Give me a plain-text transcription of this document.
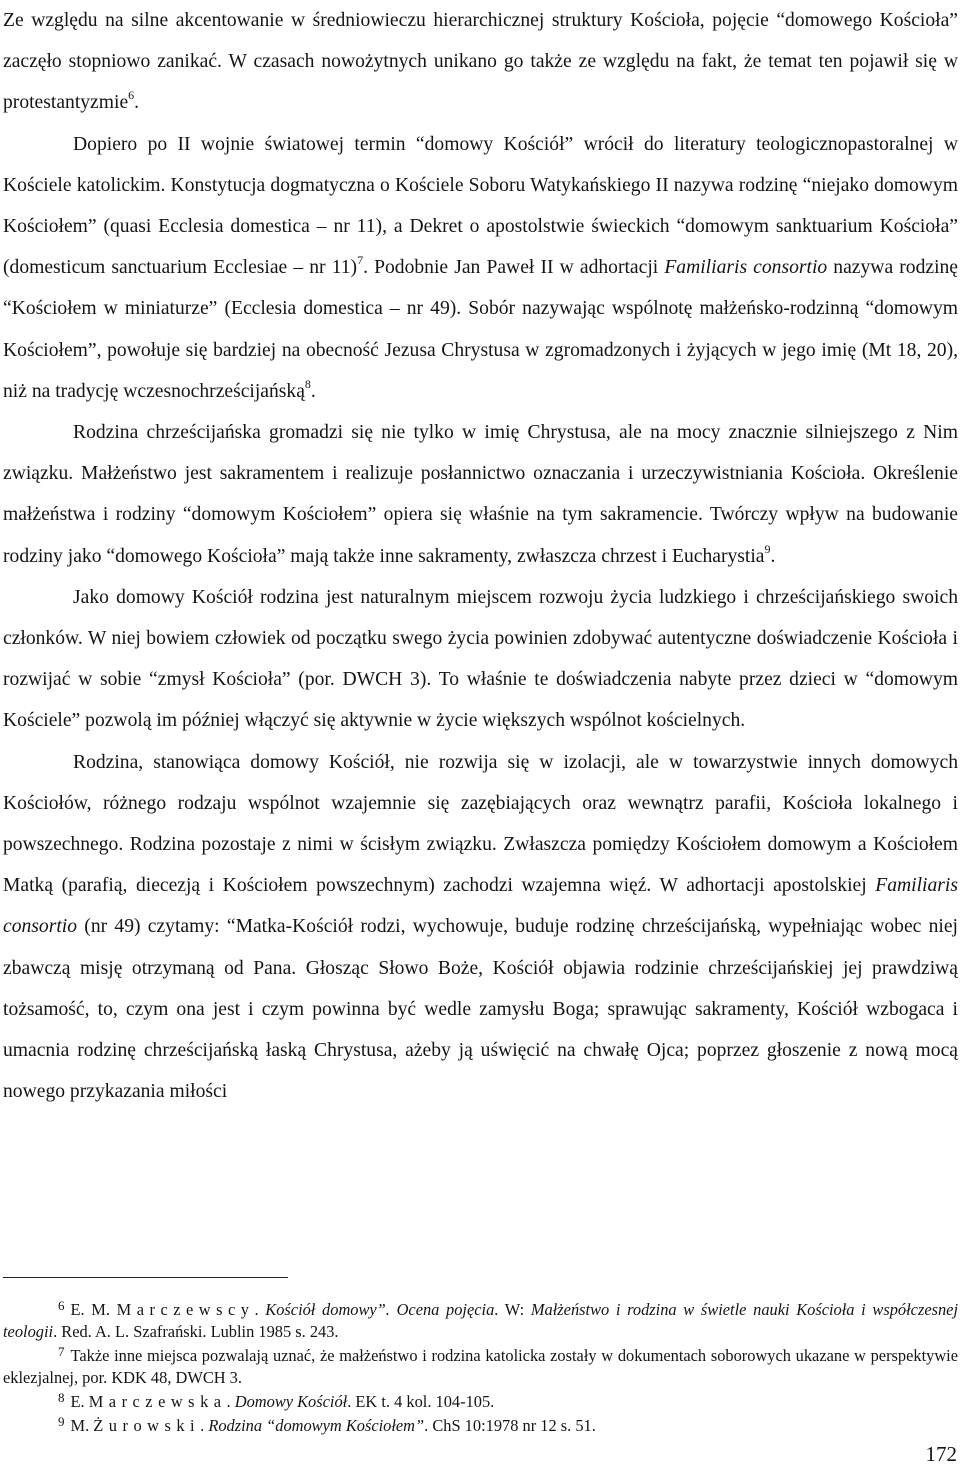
Ze względu na silne akcentowanie w średniowieczu hierarchicznej struktury Kościoła, pojęcie “domowego Kościoła” zaczęło stopniowo zanikać. W czasach nowożytnych unikano go także ze względu na fakt, że temat ten pojawił się w protestantyzmie$^6$.

Dopiero po II wojnie światowej termin “domowy Kościół” wrócił do literatury teologicznopastoralnej w Kościele katolickim. Konstytucja dogmatyczna o Kościele Soboru Watykańskiego II nazywa rodzinę “niejako domowym Kościołem” (quasi Ecclesia domestica – nr 11), a Dekret o apostolstwie świeckich “domowym sanktuarium Kościoła” (domesticum sanctuarium Ecclesiae – nr 11)$^7$. Podobnie Jan Paweł II w adhortacji Familiaris consortio nazywa rodzinę “Kościołem w miniaturze” (Ecclesia domestica – nr 49). Sobór nazywając wspólnotę małżeńsko-rodzinną “domowym Kościołem”, powołuje się bardziej na obecność Jezusa Chrystusa w zgromadzonych i żyjących w jego imię (Mt 18, 20), niż na tradycję wczesnochrześcijańską$^8$.

Rodzina chrześcijańska gromadzi się nie tylko w imię Chrystusa, ale na mocy znacznie silniejszego z Nim związku. Małżeństwo jest sakramentem i realizuje posłannictwo oznaczania i urzeczywistniania Kościoła. Określenie małżeństwa i rodziny “domowym Kościołem” opiera się właśnie na tym sakramencie. Twórczy wpływ na budowanie rodziny jako “domowego Kościoła” mają także inne sakramenty, zwłaszcza chrzest i Eucharystia$^9$.

Jako domowy Kościół rodzina jest naturalnym miejscem rozwoju życia ludzkiego i chrześcijańskiego swoich członków. W niej bowiem człowiek od początku swego życia powinien zdobywać autentyczne doświadczenie Kościoła i rozwijać w sobie “zmysł Kościoła” (por. DWCH 3). To właśnie te doświadczenia nabyte przez dzieci w “domowym Kościele” pozwolą im później włączyć się aktywnie w życie większych wspólnot kościelnych.

Rodzina, stanowiąca domowy Kościół, nie rozwija się w izolacji, ale w towarzystwie innych domowych Kościołów, różnego rodzaju wspólnot wzajemnie się zazębiających oraz wewnątrz parafii, Kościoła lokalnego i powszechnego. Rodzina pozostaje z nimi w ścisłym związku. Zwłaszcza pomiędzy Kościołem domowym a Kościołem Matką (parafią, diecezją i Kościołem powszechnym) zachodzi wzajemna więź. W adhortacji apostolskiej Familiaris consortio (nr 49) czytamy: “Matka-Kościół rodzi, wychowuje, buduje rodzinę chrześcijańską, wypełniając wobec niej zbawczą misję otrzymaną od Pana. Głosząc Słowo Boże, Kościół objawia rodzinie chrześcijańskiej jej prawdziwą tożsamość, to, czym ona jest i czym powinna być wedle zamysłu Boga; sprawując sakramenty, Kościół wzbogaca i umacnia rodzinę chrześcijańską łaską Chrystusa, ażeby ją uświęcić na chwałę Ojca; poprzez głoszenie z nową mocą nowego przykazania miłości

$^6$ E. M. Marczewscy. Kościół domowy”. Ocena pojęcia. W: Małżeństwo i rodzina w świetle nauki Kościoła i współczesnej teologii. Red. A. L. Szafrański. Lublin 1985 s. 243.

$^7$ Także inne miejsca pozwalają uznać, że małżeństwo i rodzina katolicka zostały w dokumentach soborowych ukazane w perspektywie eklezjalnej, por. KDK 48, DWCH 3.

$^8$ E. Marczewska. Domowy Kościół. EK t. 4 kol. 104-105.

$^9$ M. Żurowski. Rodzina “domowym Kościołem”. ChS 10:1978 nr 12 s. 51.

172
